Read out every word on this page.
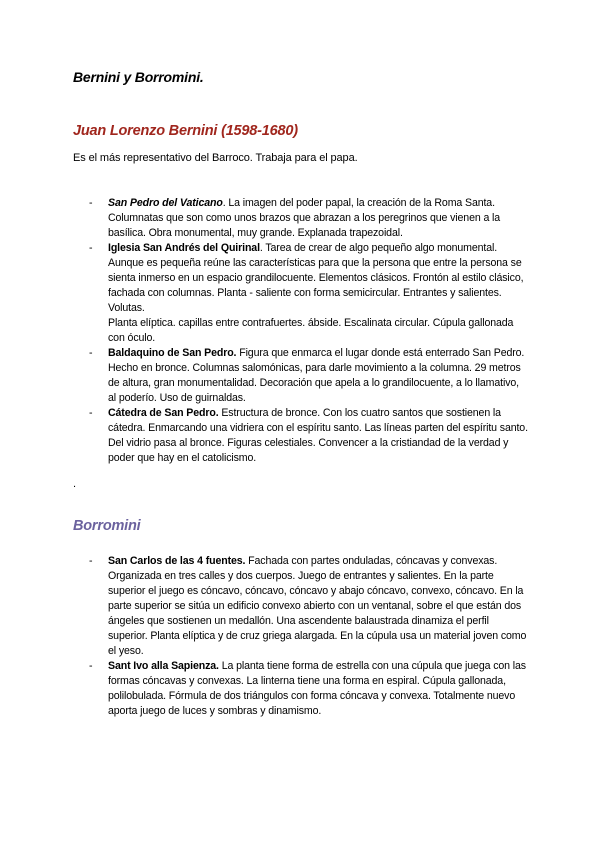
Bernini y Borromini.
Juan Lorenzo Bernini (1598-1680)

Es el más representativo del Barroco. Trabaja para el papa.

- San Pedro del Vaticano. La imagen del poder papal, la creación de la Roma Santa. Columnatas que son como unos brazos que abrazan a los peregrinos que vienen a la basílica. Obra monumental, muy grande. Explanada trapezoidal.
- Iglesia San Andrés del Quirinal. Tarea de crear de algo pequeño algo monumental. Aunque es pequeña reúne las características para que la persona que entre la persona se sienta inmerso en un espacio grandilocuente. Elementos clásicos. Frontón al estilo clásico, fachada con columnas. Planta - saliente con forma semicircular. Entrantes y salientes. Volutas.
Planta elíptica. capillas entre contrafuertes. ábside. Escalinata circular. Cúpula gallonada con óculo.
- Baldaquino de San Pedro. Figura que enmarca el lugar donde está enterrado San Pedro. Hecho en bronce. Columnas salomónicas, para darle movimiento a la columna. 29 metros de altura, gran monumentalidad. Decoración que apela a lo grandilocuente, a lo llamativo, al poderío. Uso de guirnaldas.
- Cátedra de San Pedro. Estructura de bronce. Con los cuatro santos que sostienen la cátedra. Enmarcando una vidriera con el espíritu santo. Las líneas parten del espíritu santo. Del vidrio pasa al bronce. Figuras celestiales. Convencer a la cristiandad de la verdad y poder que hay en el catolicismo.

.

Borromini
- San Carlos de las 4 fuentes. Fachada con partes onduladas, cóncavas y convexas. Organizada en tres calles y dos cuerpos. Juego de entrantes y salientes. En la parte superior el juego es cóncavo, cóncavo, cóncavo y abajo cóncavo, convexo, cóncavo. En la parte superior se sitúa un edificio convexo abierto con un ventanal, sobre el que están dos ángeles que sostienen un medallón. Una ascendente balaustrada dinamiza el perfil superior. Planta elíptica y de cruz griega alargada. En la cúpula usa un material joven como el yeso.
- Sant Ivo alla Sapienza. La planta tiene forma de estrella con una cúpula que juega con las formas cóncavas y convexas. La linterna tiene una forma en espiral. Cúpula gallonada, polilobulada. Fórmula de dos triángulos con forma cóncava y convexa. Totalmente nuevo aporta juego de luces y sombras y dinamismo.
